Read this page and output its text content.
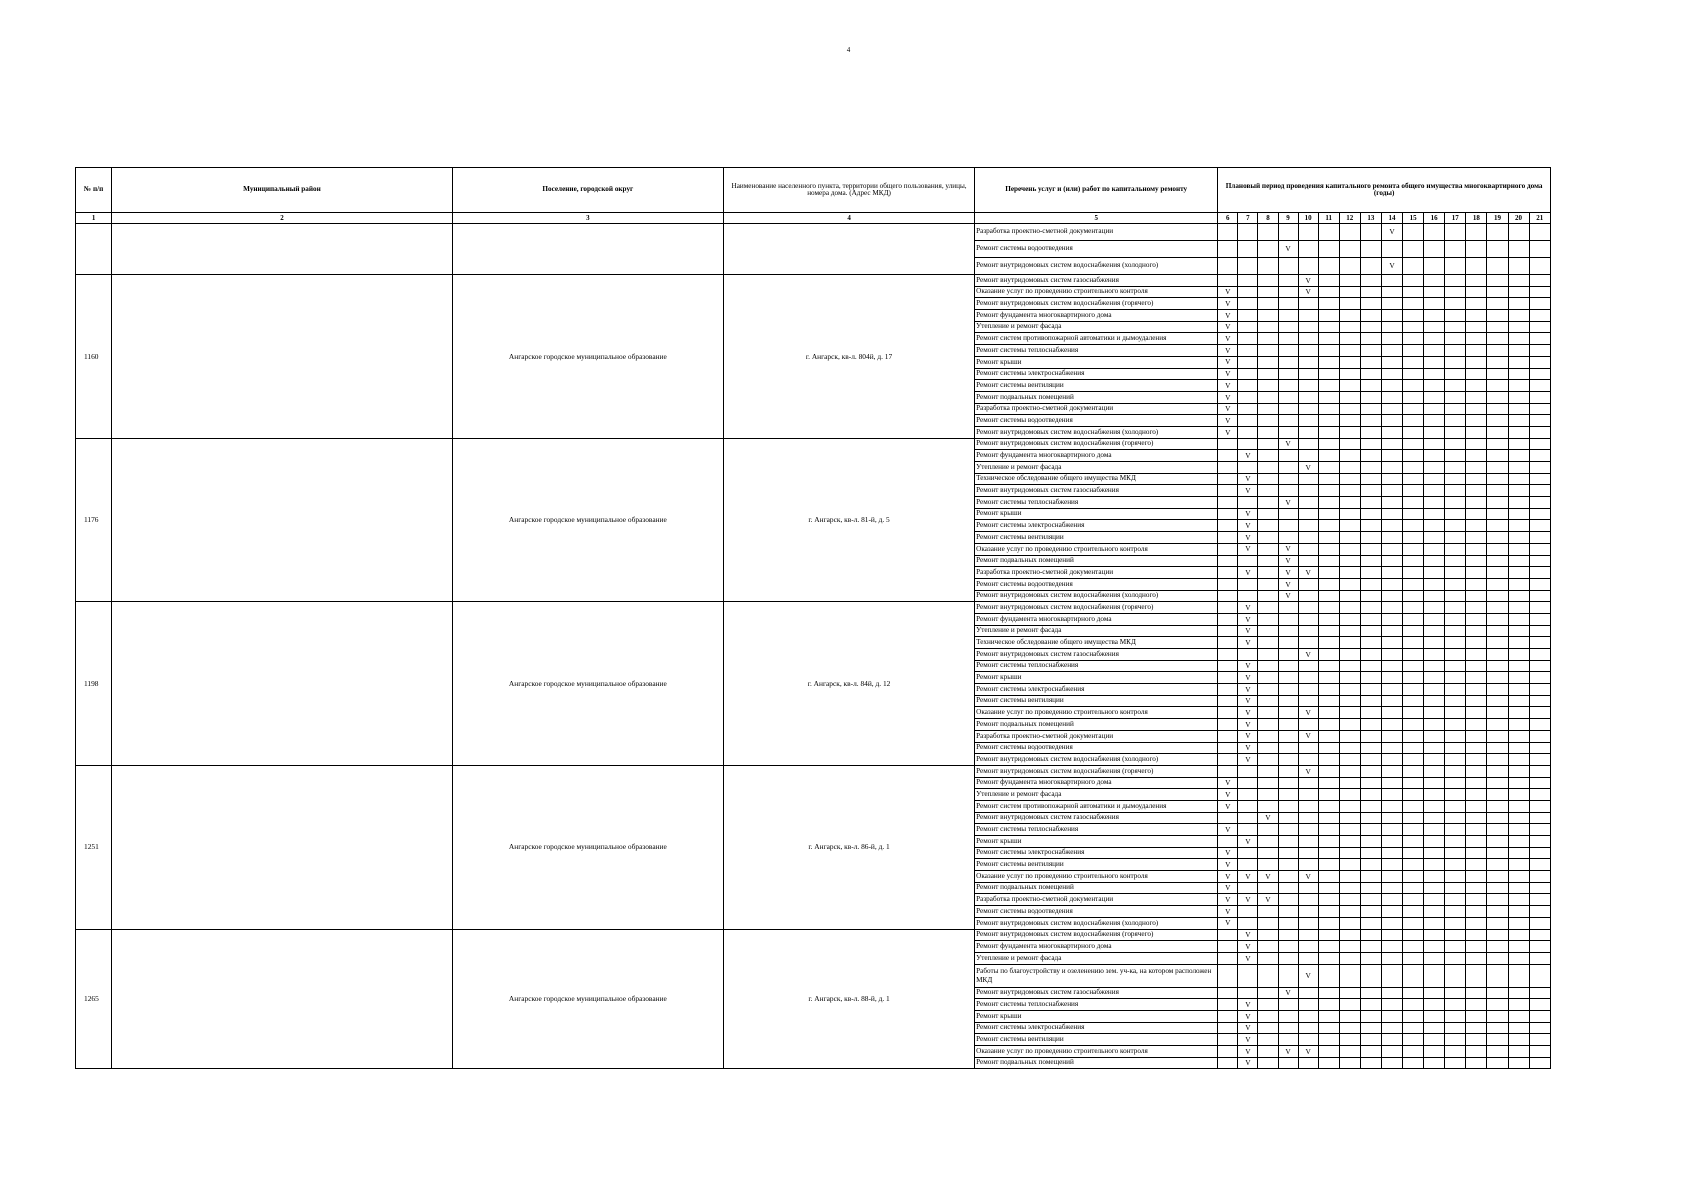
4
№ п/п	Муниципальный район	Поселение, городской округ	Наименование населенного пункта, территории общего пользования, улицы, номера дома. (Адрес МКД)	Перечень услуг и (или) работ по капитальному ремонту	Плановый период проведения капитального ремонта общего имущества многоквартирного дома (годы)															
1	2	3	4	5	6	7	8	9	10	11	12	13	14	15	16	17	18	19	20	21
				Разработка проектно-сметной документации									V							
				Ремонт системы водоотведения				V												
				Ремонт внутридомовых систем водоснабжения (холодного)									V							
1160		Ангарское городское муниципальное образование	г. Ангарск, кв-л. 804й, д. 17	Ремонт внутридомовых систем газоснабжения					V											
				Оказание услуг по проведению строительного контроля	V				V											
				Ремонт внутридомовых систем водоснабжения (горячего)	V															
				Ремонт фундамента многоквартирного дома	V															
				Утепление и ремонт фасада	V															
				Ремонт систем противопожарной автоматики и дымоудаления	V															
				Ремонт системы теплоснабжения	V															
				Ремонт крыши	V															
				Ремонт системы электроснабжения	V															
				Ремонт системы вентиляции	V															
				Ремонт подвальных помещений	V															
				Разработка проектно-сметной документации	V															
				Ремонт системы водоотведения	V															
				Ремонт внутридомовых систем водоснабжения (холодного)	V															
1176		Ангарское городское муниципальное образование	г. Ангарск, кв-л. 81-й, д. 5	Ремонт внутридомовых систем водоснабжения (горячего)				V												
				Ремонт фундамента многоквартирного дома		V														
				Утепление и ремонт фасада					V											
				Техническое обследование общего имущества МКД		V														
				Ремонт внутридомовых систем газоснабжения		V														
				Ремонт системы теплоснабжения				V												
				Ремонт крыши		V														
				Ремонт системы электроснабжения		V														
				Ремонт системы вентиляции		V														
				Оказание услуг по проведению строительного контроля		V		V												
				Ремонт подвальных помещений				V												
				Разработка проектно-сметной документации		V		V	V											
				Ремонт системы водоотведения				V												
				Ремонт внутридомовых систем водоснабжения (холодного)				V												
1198		Ангарское городское муниципальное образование	г. Ангарск, кв-л. 84й, д. 12	Ремонт внутридомовых систем водоснабжения (горячего)		V														
				Ремонт фундамента многоквартирного дома		V														
				Утепление и ремонт фасада		V														
				Техническое обследование общего имущества МКД		V														
				Ремонт внутридомовых систем газоснабжения					V											
				Ремонт системы теплоснабжения		V														
				Ремонт крыши		V														
				Ремонт системы электроснабжения		V														
				Ремонт системы вентиляции		V														
				Оказание услуг по проведению строительного контроля		V			V											
				Ремонт подвальных помещений		V														
				Разработка проектно-сметной документации		V			V											
				Ремонт системы водоотведения		V														
				Ремонт внутридомовых систем водоснабжения (холодного)		V														
1251		Ангарское городское муниципальное образование	г. Ангарск, кв-л. 86-й, д. 1	Ремонт внутридомовых систем водоснабжения (горячего)					V											
				Ремонт фундамента многоквартирного дома	V															
				Утепление и ремонт фасада	V															
				Ремонт систем противопожарной автоматики и дымоудаления	V															
				Ремонт внутридомовых систем газоснабжения			V													
				Ремонт системы теплоснабжения	V															
				Ремонт крыши		V														
				Ремонт системы электроснабжения	V															
				Ремонт системы вентиляции	V															
				Оказание услуг по проведению строительного контроля	V	V	V		V											
				Ремонт подвальных помещений	V															
				Разработка проектно-сметной документации	V	V	V													
				Ремонт системы водоотведения	V															
				Ремонт внутридомовых систем водоснабжения (холодного)	V															
1265		Ангарское городское муниципальное образование	г. Ангарск, кв-л. 88-й, д. 1	Ремонт внутридомовых систем водоснабжения (горячего)		V														
				Ремонт фундамента многоквартирного дома		V														
				Утепление и ремонт фасада		V														
				Работы по благоустройству и озеленению зем. уч-ка, на котором расположен МКД					V											
				Ремонт внутридомовых систем газоснабжения				V												
				Ремонт системы теплоснабжения		V														
				Ремонт крыши		V														
				Ремонт системы электроснабжения		V														
				Ремонт системы вентиляции		V														
				Оказание услуг по проведению строительного контроля		V		V	V											
				Ремонт подвальных помещений		V														
